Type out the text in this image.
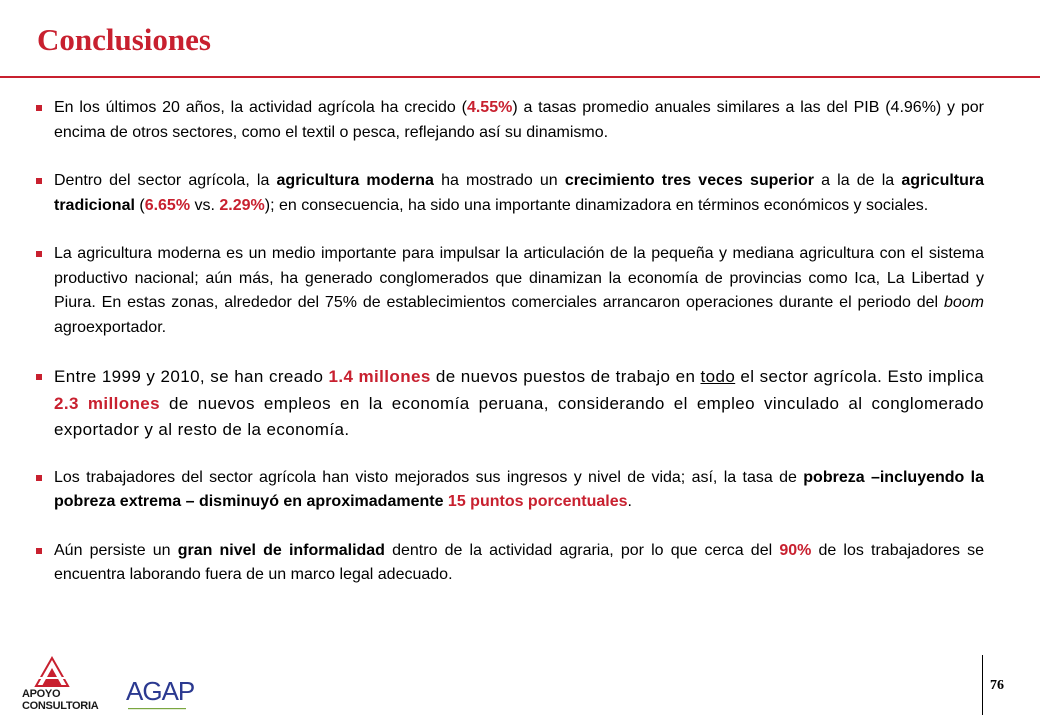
Conclusiones
En los últimos 20 años, la actividad agrícola ha crecido (4.55%) a tasas promedio anuales similares a las del PIB (4.96%) y por encima de otros sectores, como el textil o pesca, reflejando así su dinamismo.
Dentro del sector agrícola, la agricultura moderna ha mostrado un crecimiento tres veces superior a la de la agricultura tradicional (6.65% vs. 2.29%); en consecuencia, ha sido una importante dinamizadora en términos económicos y sociales.
La agricultura moderna es un medio importante para impulsar la articulación de la pequeña y mediana agricultura con el sistema productivo nacional; aún más, ha generado conglomerados que dinamizan la economía de provincias como Ica, La Libertad y Piura. En estas zonas, alrededor del 75% de establecimientos comerciales arrancaron operaciones durante el periodo del boom agroexportador.
Entre 1999 y 2010, se han creado 1.4 millones de nuevos puestos de trabajo en todo el sector agrícola. Esto implica 2.3 millones de nuevos empleos en la economía peruana, considerando el empleo vinculado al conglomerado exportador y al resto de la economía.
Los trabajadores del sector agrícola han visto mejorados sus ingresos y nivel de vida; así, la tasa de pobreza –incluyendo la pobreza extrema – disminuyó en aproximadamente 15 puntos porcentuales.
Aún persiste un gran nivel de informalidad dentro de la actividad agraria, por lo que cerca del 90% de los trabajadores se encuentra laborando fuera de un marco legal adecuado.
APOYO
CONSULTORIA AGAP	76
